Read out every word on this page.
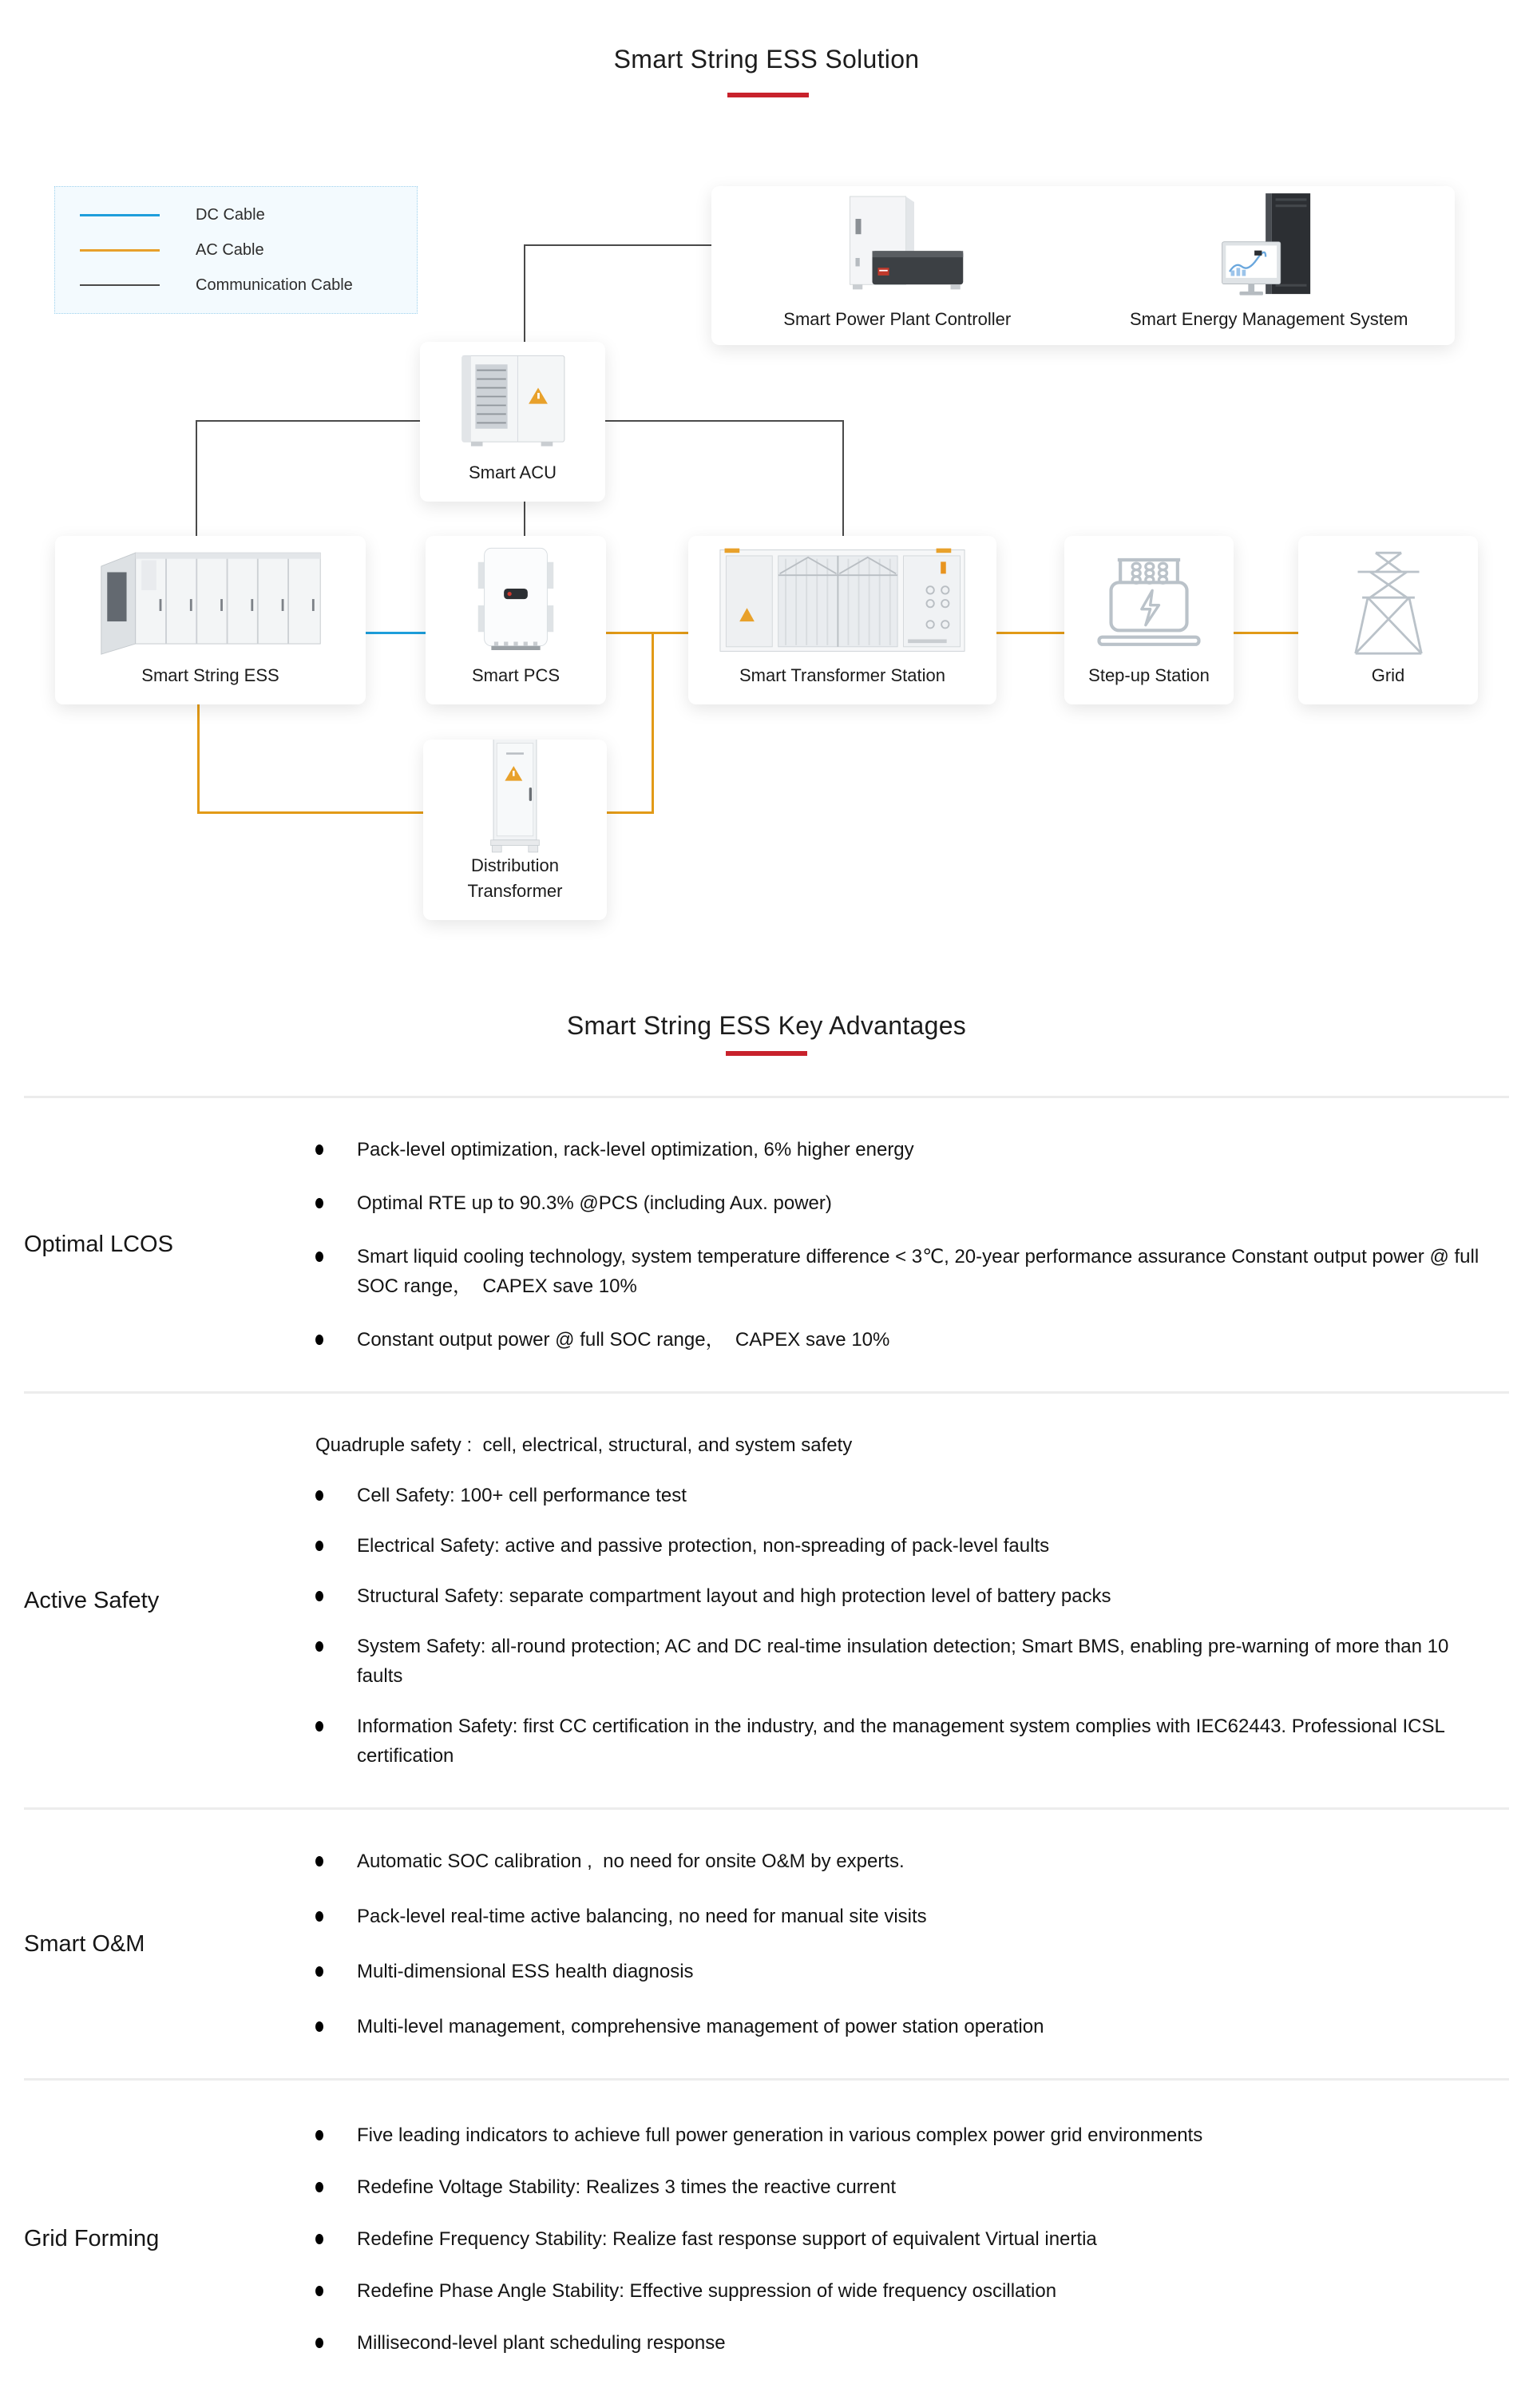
Smart String ESS Solution
DC Cable
AC Cable
Communication Cable
Smart Power Plant Controller	Smart Energy Management System
Smart ACU
Smart String ESS	Smart PCS	Smart Transformer Station	Step-up Station	Grid
Distribution
Transformer
Smart String ESS Key Advantages
Optimal LCOS
Pack-level optimization, rack-level optimization, 6% higher energy
Optimal RTE up to 90.3% @PCS (including Aux. power)
Smart liquid cooling technology, system temperature difference < 3℃, 20-year performance assurance Constant output power @ full SOC range，  CAPEX save 10%
Constant output power @ full SOC range，  CAPEX save 10%
Active Safety
Quadruple safety :  cell, electrical, structural, and system safety
Cell Safety: 100+ cell performance test
Electrical Safety: active and passive protection, non-spreading of pack-level faults
Structural Safety: separate compartment layout and high protection level of battery packs
System Safety: all-round protection; AC and DC real-time insulation detection; Smart BMS, enabling pre-warning of more than 10 faults
Information Safety: first CC certification in the industry, and the management system complies with IEC62443. Professional ICSL certification
Smart O&M
Automatic SOC calibration ,  no need for onsite O&M by experts.
Pack-level real-time active balancing, no need for manual site visits
Multi-dimensional ESS health diagnosis
Multi-level management, comprehensive management of power station operation
Grid Forming
Five leading indicators to achieve full power generation in various complex power grid environments
Redefine Voltage Stability: Realizes 3 times the reactive current
Redefine Frequency Stability: Realize fast response support of equivalent Virtual inertia
Redefine Phase Angle Stability: Effective suppression of wide frequency oscillation
Millisecond-level plant scheduling response
